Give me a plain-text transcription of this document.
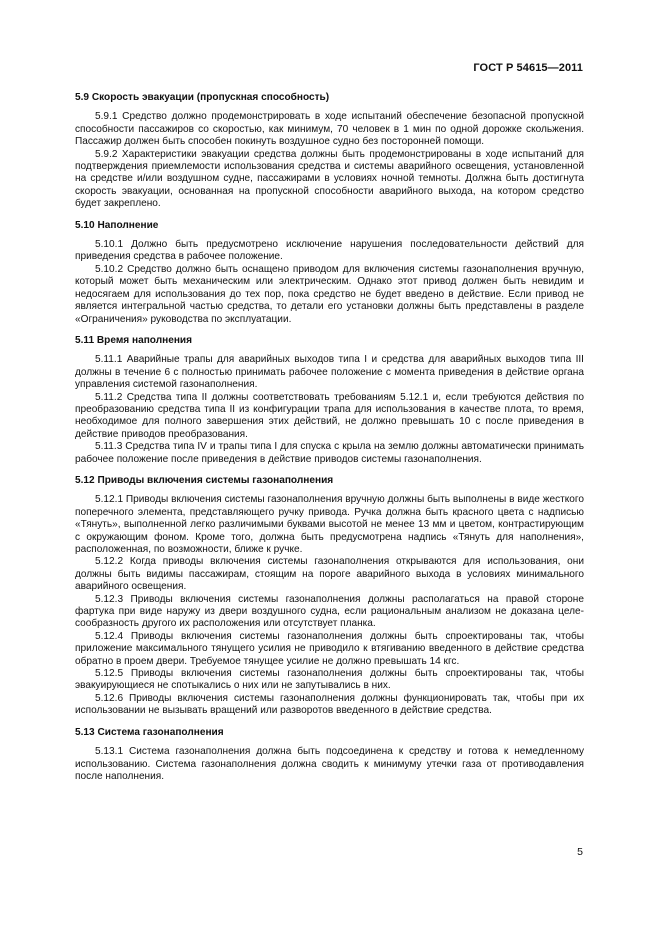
ГОСТ Р 54615—2011

5.9 Скорость эвакуации (пропускная способность)

5.9.1 Средство должно продемонстрировать в ходе испытаний обеспечение безопасной пропускной способности пассажиров со скоростью, как минимум, 70 человек в 1 мин по одной дорожке скольжения. Пассажир должен быть способен покинуть воздушное судно без посторонней помощи.

5.9.2 Характеристики эвакуации средства должны быть продемонстрированы в ходе испытаний для подтверждения приемлемости использования средства и системы аварийного освещения, установленной на средстве и/или воздушном судне, пассажирами в условиях ночной темноты. Должна быть достигнута скорость эвакуации, основанная на пропускной способности аварийного выхода, на котором средство будет закреплено.

5.10 Наполнение

5.10.1 Должно быть предусмотрено исключение нарушения последовательности действий для приведения средства в рабочее положение.

5.10.2 Средство должно быть оснащено приводом для включения системы газонаполнения вручную, который может быть механическим или электрическим. Однако этот привод должен быть невидим и недосягаем для использования до тех пор, пока средство не будет введено в действие. Если привод не является интегральной частью средства, то детали его установки должны быть представлены в разделе «Ограничения» руководства по эксплуатации.

5.11 Время наполнения

5.11.1 Аварийные трапы для аварийных выходов типа I и средства для аварийных выходов типа III должны в течение 6 с полностью принимать рабочее положение с момента приведения в действие органа управления системой газонаполнения.

5.11.2 Средства типа II должны соответствовать требованиям 5.12.1 и, если требуются действия по преобразованию средства типа II из конфигурации трапа для использования в качестве плота, то время, необходимое для полного завершения этих действий, не должно превышать 10 с после приведения в действие приводов преобразования.

5.11.3 Средства типа IV и трапы типа I для спуска с крыла на землю должны автоматически принимать рабочее положение после приведения в действие приводов системы газонаполнения.

5.12 Приводы включения системы газонаполнения

5.12.1 Приводы включения системы газонаполнения вручную должны быть выполнены в виде жесткого поперечного элемента, представляющего ручку привода. Ручка должна быть красного цвета с надписью «Тянуть», выполненной легко различимыми буквами высотой не менее 13 мм и цветом, контрастирующим с окружающим фоном. Кроме того, должна быть предусмотрена надпись «Тянуть для наполнения», расположенная, по возможности, ближе к ручке.

5.12.2 Когда приводы включения системы газонаполнения открываются для использования, они должны быть видимы пассажирам, стоящим на пороге аварийного выхода в условиях минимального аварийного освещения.

5.12.3 Приводы включения системы газонаполнения должны располагаться на правой стороне фартука при виде наружу из двери воздушного судна, если рациональным анализом не доказана целесообразность другого их расположения или отсутствует планка.

5.12.4 Приводы включения системы газонаполнения должны быть спроектированы так, чтобы приложение максимального тянущего усилия не приводило к втягиванию введенного в действие средства обратно в проем двери. Требуемое тянущее усилие не должно превышать 14 кгс.

5.12.5 Приводы включения системы газонаполнения должны быть спроектированы так, чтобы эвакуирующиеся не спотыкались о них или не запутывались в них.

5.12.6 Приводы включения системы газонаполнения должны функционировать так, чтобы при их использовании не вызывать вращений или разворотов введенного в действие средства.

5.13 Система газонаполнения

5.13.1 Система газонаполнения должна быть подсоединена к средству и готова к немедленному использованию. Система газонаполнения должна сводить к минимуму утечки газа от противодавления после наполнения.

5
